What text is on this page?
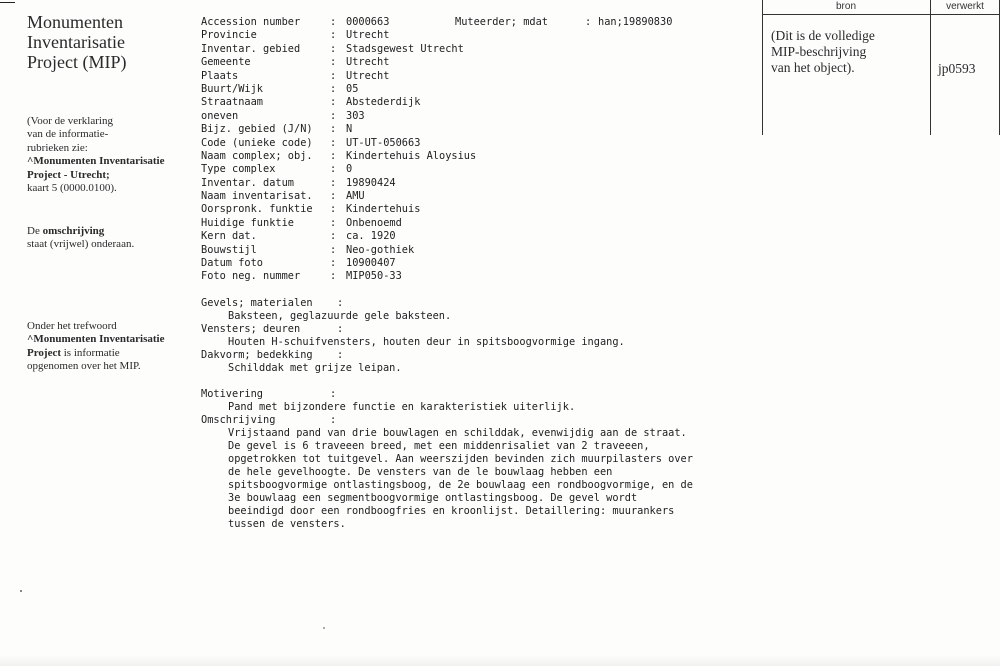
Monumenten
Inventarisatie
Project (MIP)
(Voor de verklaring
van de informatie-
rubrieken zie:
^Monumenten Inventarisatie
Project - Utrecht;
kaart 5 (0000.0100).
De omschrijving
staat (vrijwel) onderaan.
Onder het trefwoord
^Monumenten Inventarisatie
Project is informatie
opgenomen over het MIP.
Accession number	: 0000663
Provincie	: Utrecht
Inventar. gebied	: Stadsgewest Utrecht
Gemeente	: Utrecht
Plaats	: Utrecht
Buurt/Wijk	: 05
Straatnaam	: Abstederdijk
oneven	: 303
Bijz. gebied (J/N) : N
Code (unieke code) : UT-UT-050663
Naam complex; obj. : Kindertehuis Aloysius
Type complex	: 0
Inventar. datum	: 19890424
Naam inventarisat. : AMU
Oorspronk. funktie : Kindertehuis
Huidige funktie	: Onbenoemd
Kern dat.	: ca. 1920
Bouwstijl	: Neo-gothiek
Datum foto	: 10900407
Foto neg. nummer	: MIP050-33
Muteerder; mdat	: han;19890830
Gevels; materialen :
Baksteen, geglazuurde gele baksteen.
Vensters; deuren	:
Houten H-schuifvensters, houten deur in spitsboogvormige ingang.
Dakvorm; bedekking :
Schilddak met grijze leipan.
Motivering	:
Pand met bijzondere functie en karakteristiek uiterlijk.
Omschrijving	:
Vrijstaand pand van drie bouwlagen en schilddak, evenwijdig aan de straat.
De gevel is 6 traveeen breed, met een middenrisaliet van 2 traveeen,
opgetrokken tot tuitgevel. Aan weerszijden bevinden zich muurpilasters over
de hele gevelhoogte. De vensters van de le bouwlaag hebben een
spitsboogvormige ontlastingsboog, de 2e bouwlaag een rondboogvormige, en de
3e bouwlaag een segmentboogvormige ontlastingsboog. De gevel wordt
beeindigd door een rondboogfries en kroonlijst. Detaillering: muurankers
tussen de vensters.
bron	verwerkt
(Dit is de volledige
MIP-beschrijving
van het object).	jp0593
